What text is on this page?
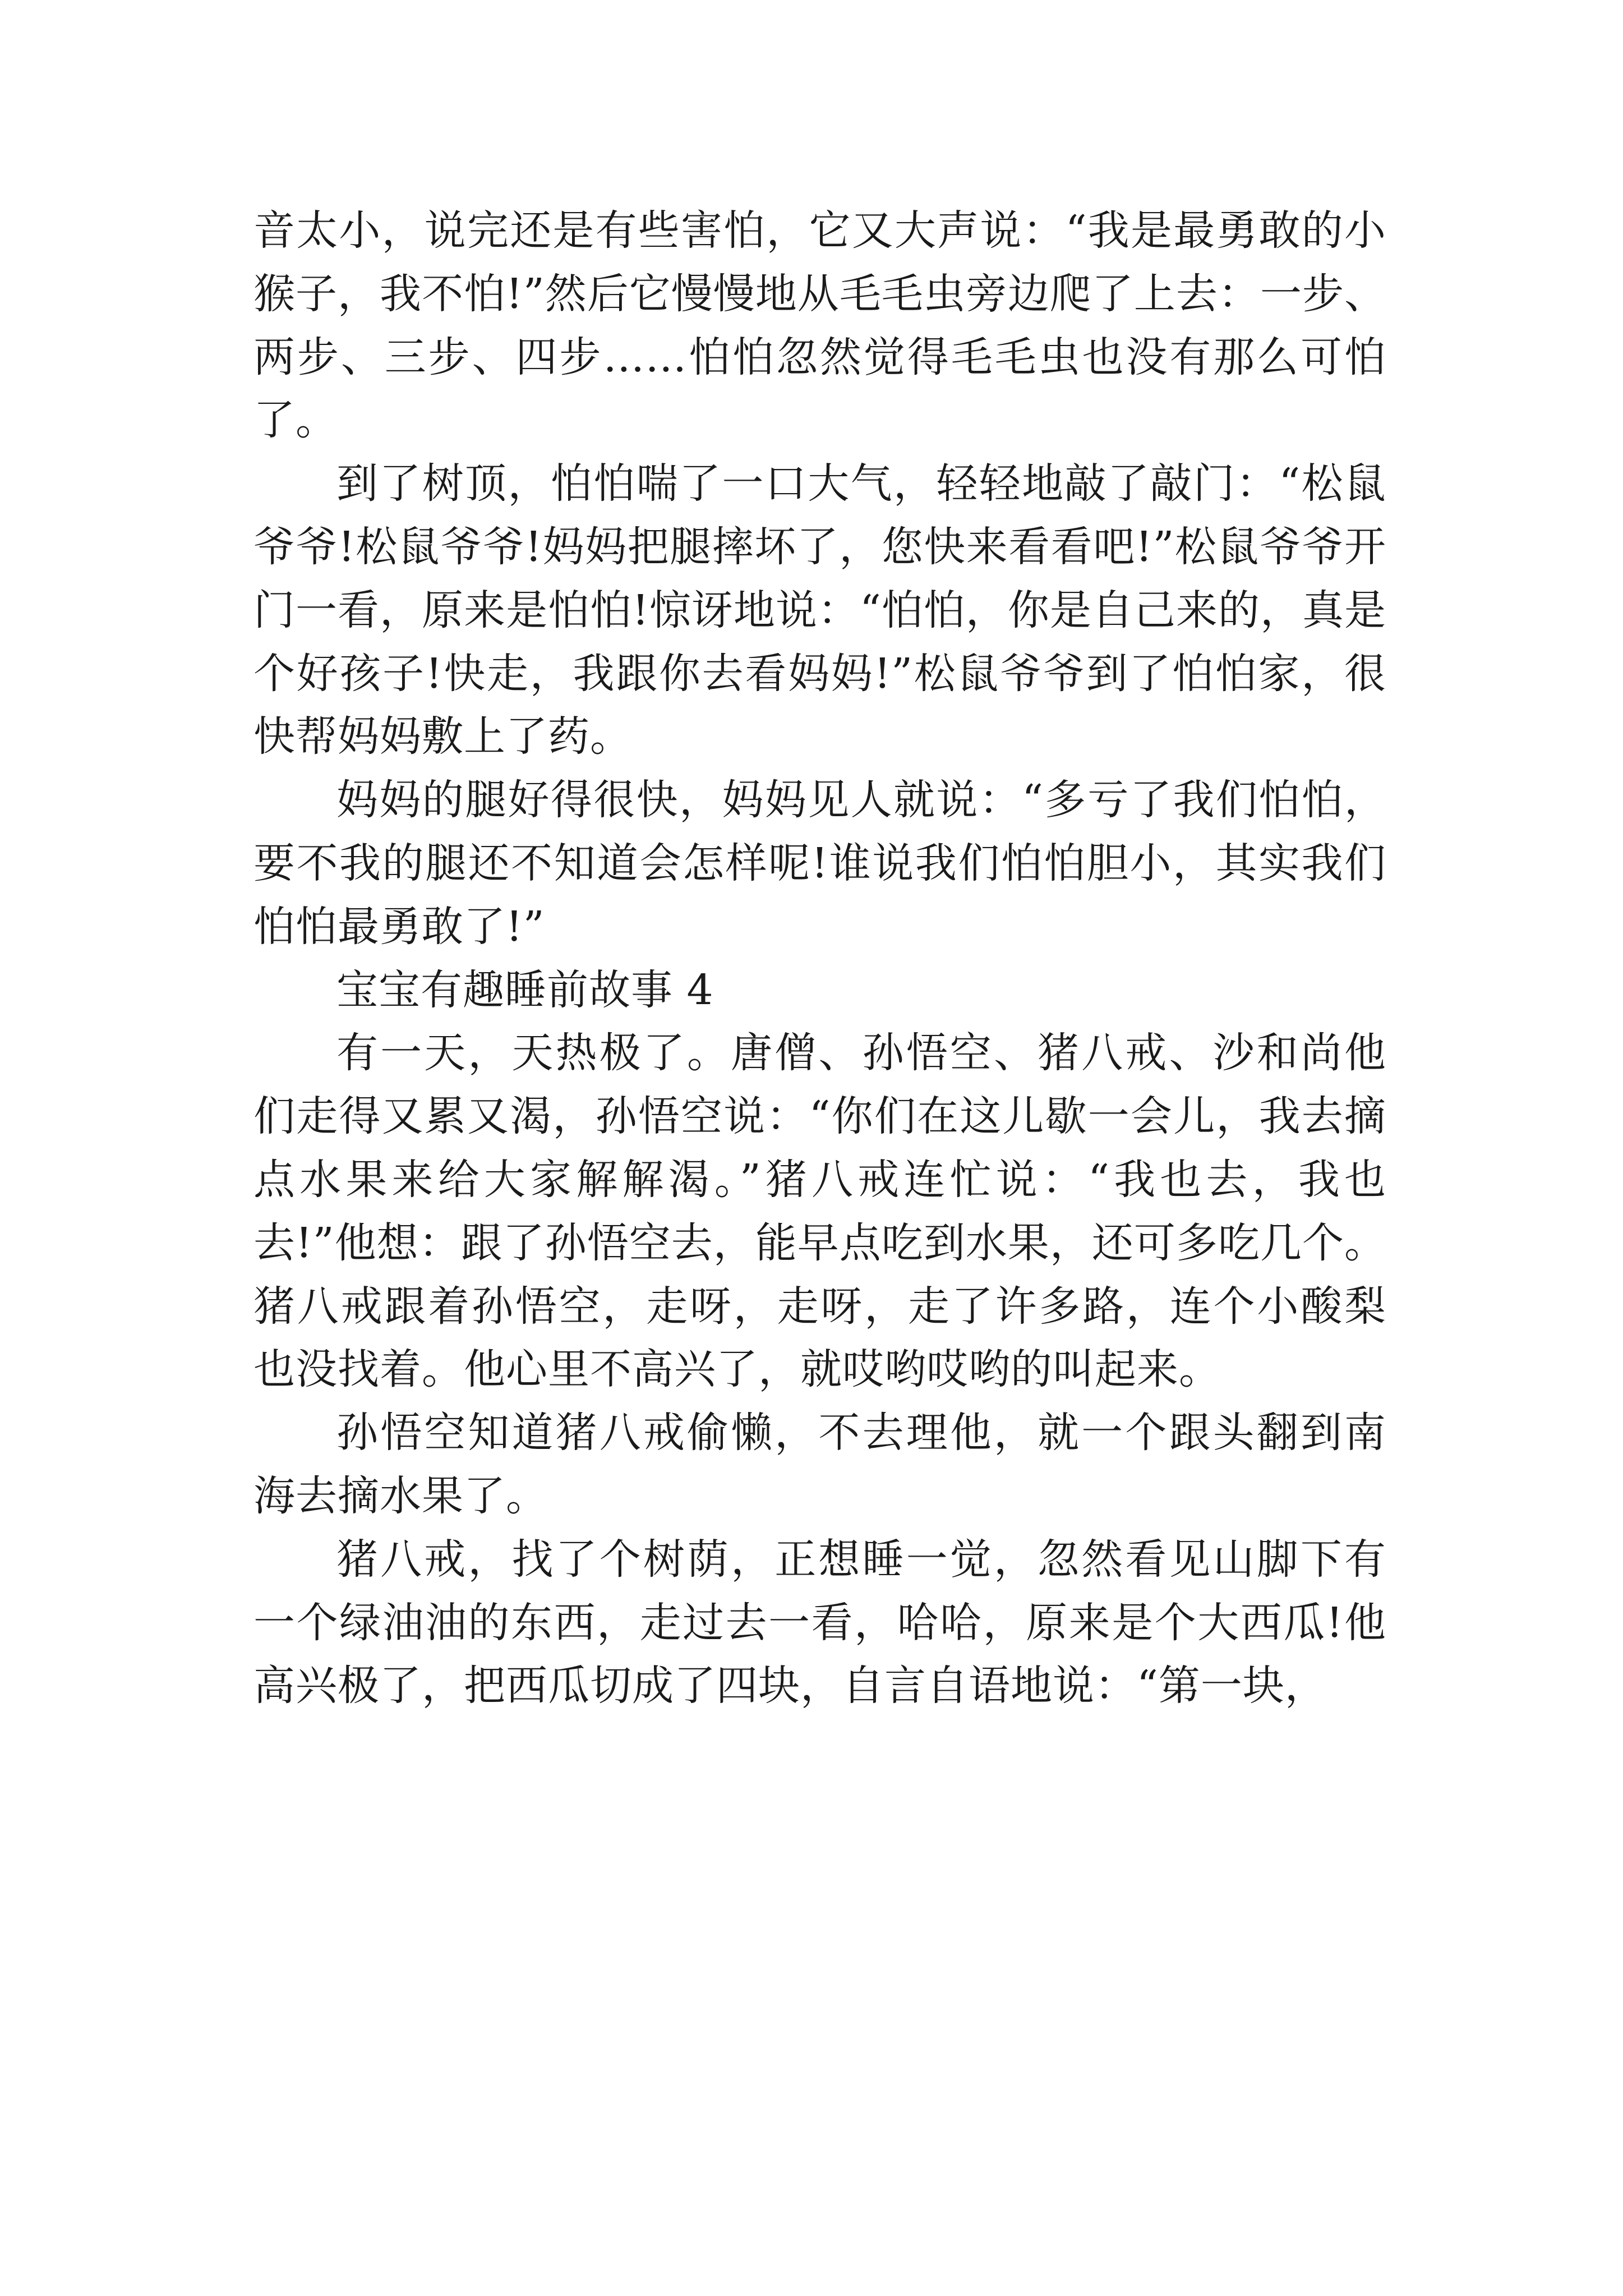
音太小，说完还是有些害怕，它又大声说：“我是最勇敢的小猴子，我不怕!”然后它慢慢地从毛毛虫旁边爬了上去：一步、两步、三步、四步……怕怕忽然觉得毛毛虫也没有那么可怕了。

到了树顶，怕怕喘了一口大气，轻轻地敲了敲门：“松鼠爷爷!松鼠爷爷!妈妈把腿摔坏了，您快来看看吧!”松鼠爷爷开门一看，原来是怕怕!惊讶地说：“怕怕，你是自己来的，真是个好孩子!快走，我跟你去看妈妈!”松鼠爷爷到了怕怕家，很快帮妈妈敷上了药。

妈妈的腿好得很快，妈妈见人就说：“多亏了我们怕怕，要不我的腿还不知道会怎样呢!谁说我们怕怕胆小，其实我们怕怕最勇敢了!”

宝宝有趣睡前故事 4

有一天，天热极了。唐僧、孙悟空、猪八戒、沙和尚他们走得又累又渴，孙悟空说：“你们在这儿歇一会儿，我去摘点水果来给大家解解渴。”猪八戒连忙说：“我也去，我也去!”他想：跟了孙悟空去，能早点吃到水果，还可多吃几个。猪八戒跟着孙悟空，走呀，走呀，走了许多路，连个小酸梨也没找着。他心里不高兴了，就哎哟哎哟的叫起来。

孙悟空知道猪八戒偷懒，不去理他，就一个跟头翻到南海去摘水果了。

猪八戒，找了个树荫，正想睡一觉，忽然看见山脚下有一个绿油油的东西，走过去一看，哈哈，原来是个大西瓜!他高兴极了，把西瓜切成了四块，自言自语地说：“第一块，
